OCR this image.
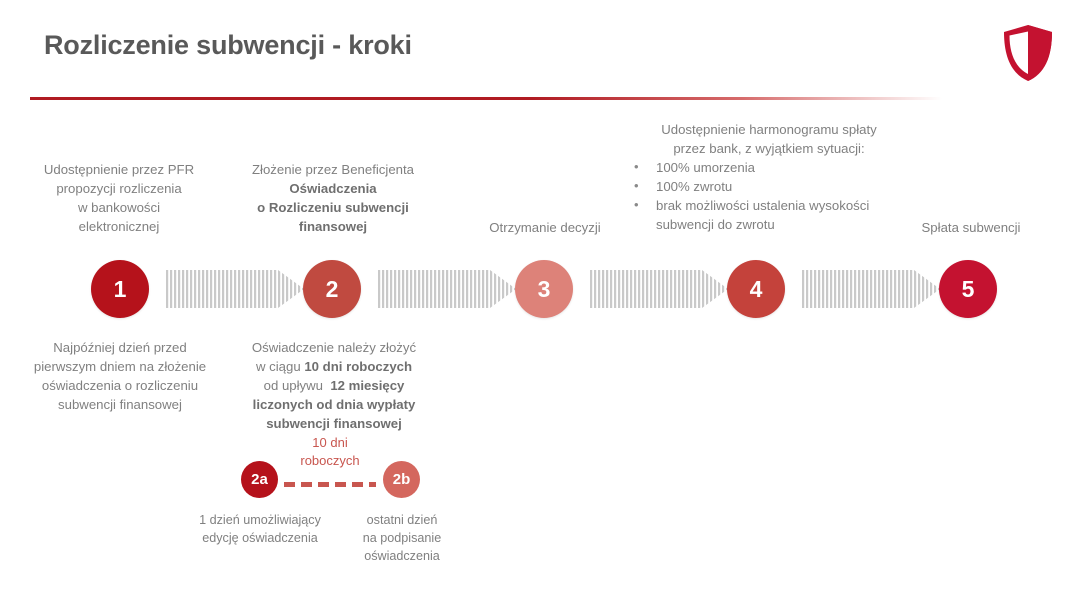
Rozliczenie subwencji - kroki
Udostępnienie przez PFR
propozycji rozliczenia
w bankowości
elektronicznej
Złożenie przez Beneficjenta
Oświadczenia
o Rozliczeniu subwencji
finansowej	Otrzymanie decyzji
Udostępnienie harmonogramu spłaty
przez bank, z wyjątkiem sytuacji:
• 100% umorzenia
• 100% zwrotu
• brak możliwości ustalenia wysokości subwencji do zwrotu	Spłata subwencji
1	2	3	4	5
Najpóźniej dzień przed
pierwszym dniem na złożenie
oświadczenia o rozliczeniu
subwencji finansowej
Oświadczenie należy złożyć
w ciągu 10 dni roboczych
od upływu  12 miesięcy
liczonych od dnia wypłaty
subwencji finansowej
10 dni
roboczych
2a	2b
1 dzień umożliwiający
edycję oświadczenia
ostatni dzień
na podpisanie
oświadczenia
